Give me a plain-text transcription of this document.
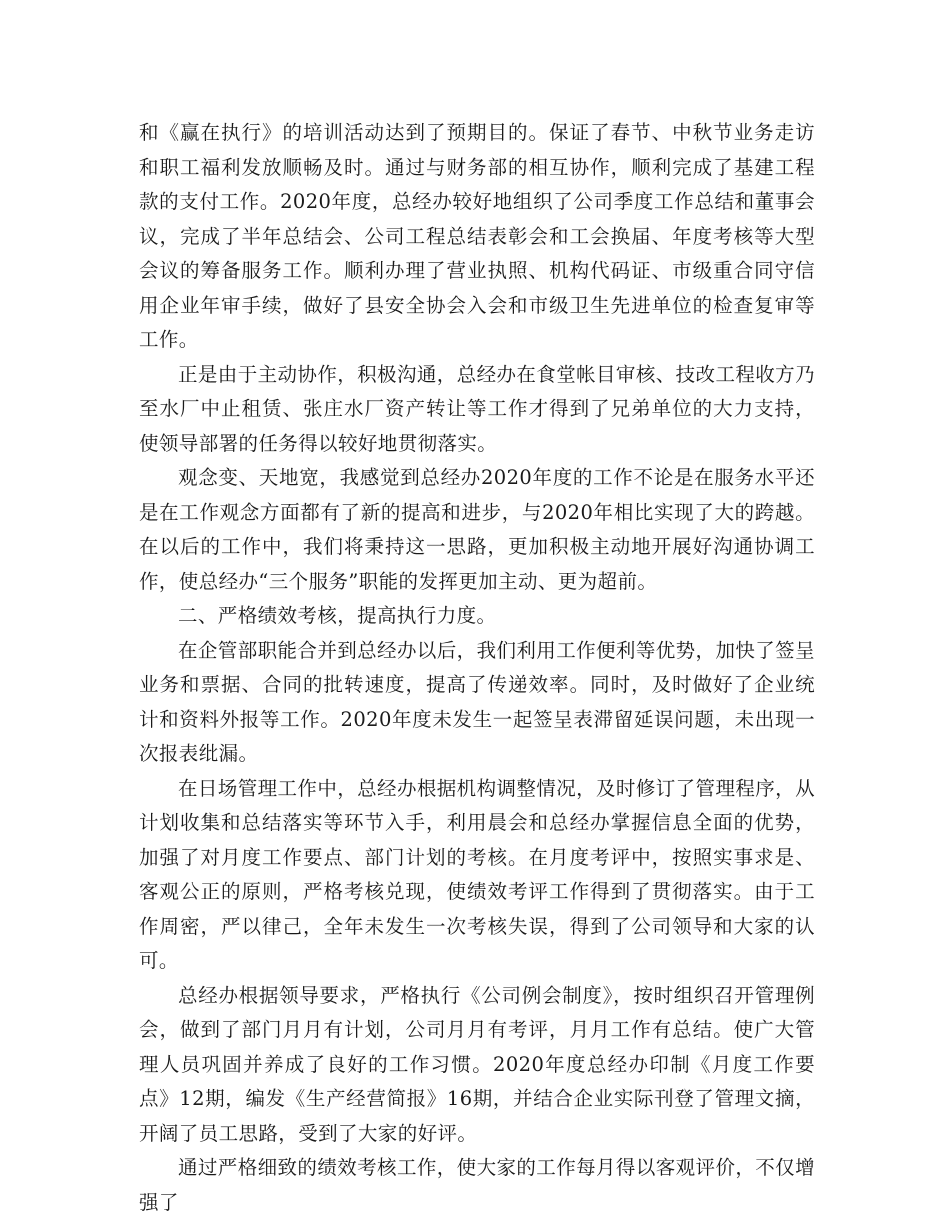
和《赢在执行》的培训活动达到了预期目的。保证了春节、中秋节业务走访和职工福利发放顺畅及时。通过与财务部的相互协作，顺利完成了基建工程款的支付工作。2020年度，总经办较好地组织了公司季度工作总结和董事会议，完成了半年总结会、公司工程总结表彰会和工会换届、年度考核等大型会议的筹备服务工作。顺利办理了营业执照、机构代码证、市级重合同守信用企业年审手续，做好了县安全协会入会和市级卫生先进单位的检查复审等工作。

正是由于主动协作，积极沟通，总经办在食堂帐目审核、技改工程收方乃至水厂中止租赁、张庄水厂资产转让等工作才得到了兄弟单位的大力支持，使领导部署的任务得以较好地贯彻落实。

观念变、天地宽，我感觉到总经办2020年度的工作不论是在服务水平还是在工作观念方面都有了新的提高和进步，与2020年相比实现了大的跨越。在以后的工作中，我们将秉持这一思路，更加积极主动地开展好沟通协调工作，使总经办“三个服务”职能的发挥更加主动、更为超前。

二、严格绩效考核，提高执行力度。

在企管部职能合并到总经办以后，我们利用工作便利等优势，加快了签呈业务和票据、合同的批转速度，提高了传递效率。同时，及时做好了企业统计和资料外报等工作。2020年度未发生一起签呈表滞留延误问题，未出现一次报表纰漏。

在日场管理工作中，总经办根据机构调整情况，及时修订了管理程序，从计划收集和总结落实等环节入手，利用晨会和总经办掌握信息全面的优势，加强了对月度工作要点、部门计划的考核。在月度考评中，按照实事求是、客观公正的原则，严格考核兑现，使绩效考评工作得到了贯彻落实。由于工作周密，严以律己，全年未发生一次考核失误，得到了公司领导和大家的认可。

总经办根据领导要求，严格执行《公司例会制度》，按时组织召开管理例会，做到了部门月月有计划，公司月月有考评，月月工作有总结。使广大管理人员巩固并养成了良好的工作习惯。2020年度总经办印制《月度工作要点》12期，编发《生产经营简报》16期，并结合企业实际刊登了管理文摘，开阔了员工思路，受到了大家的好评。

通过严格细致的绩效考核工作，使大家的工作每月得以客观评价，不仅增强了
